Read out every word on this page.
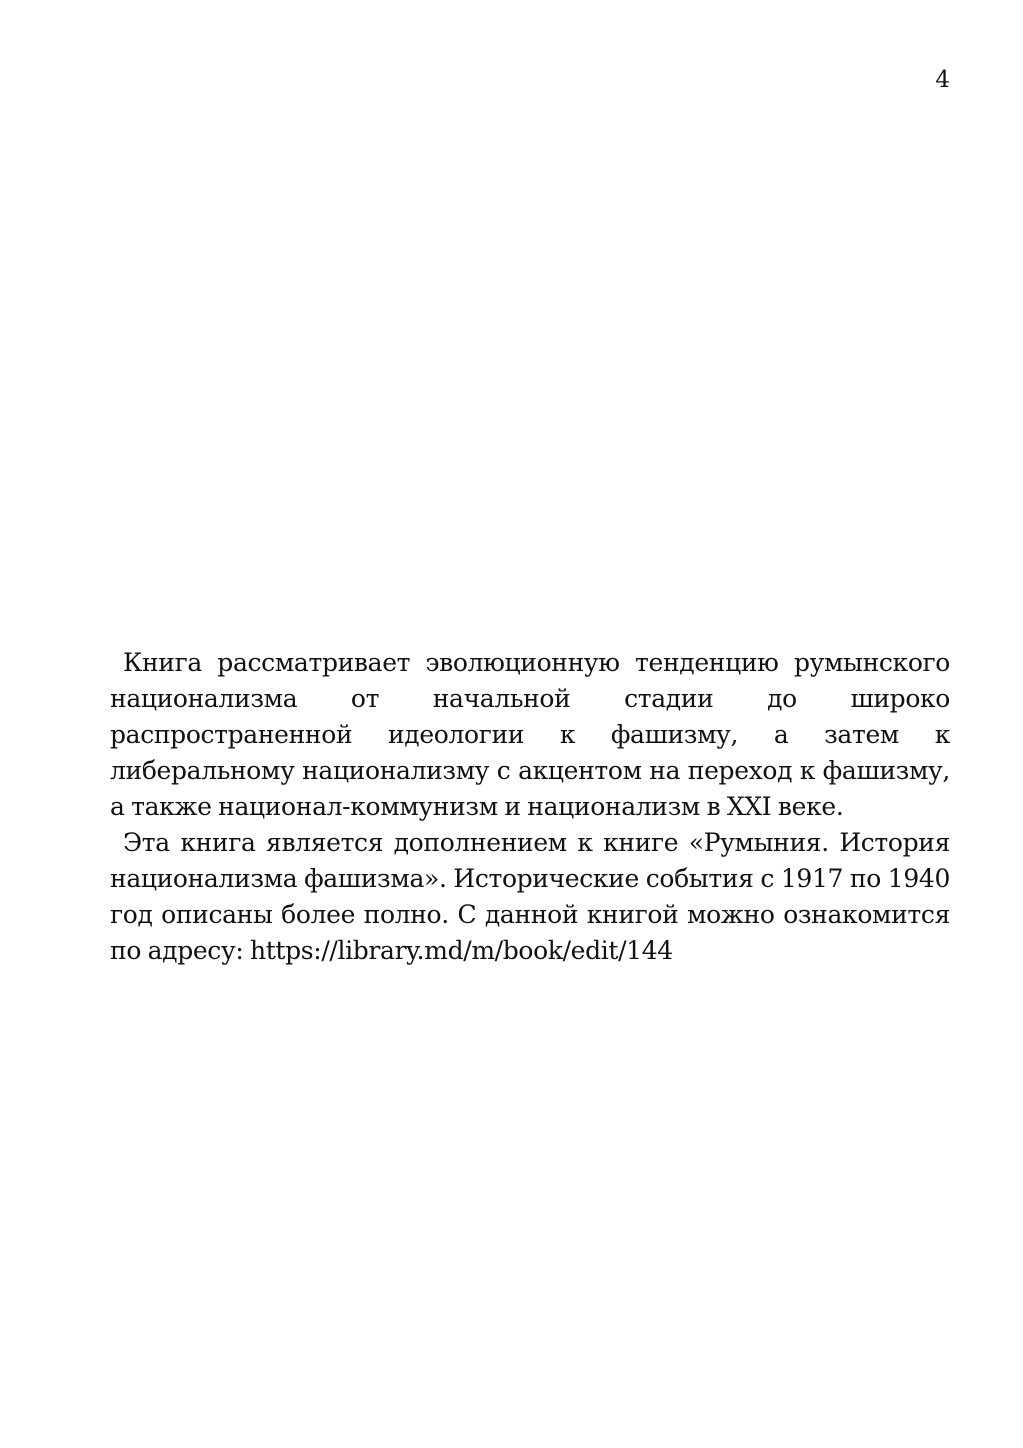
4

Книга рассматривает эволюционную тенденцию румынского национализма от начальной стадии до широко распространенной идеологии к фашизму, а затем к либеральному национализму с акцентом на переход к фашизму, а также национал-коммунизм и национализм в XXI веке.

Эта книга является дополнением к книге «Румыния. История национализма фашизма». Исторические события с 1917 по 1940 год описаны более полно. С данной книгой можно ознакомится по адресу: https://library.md/m/book/edit/144
